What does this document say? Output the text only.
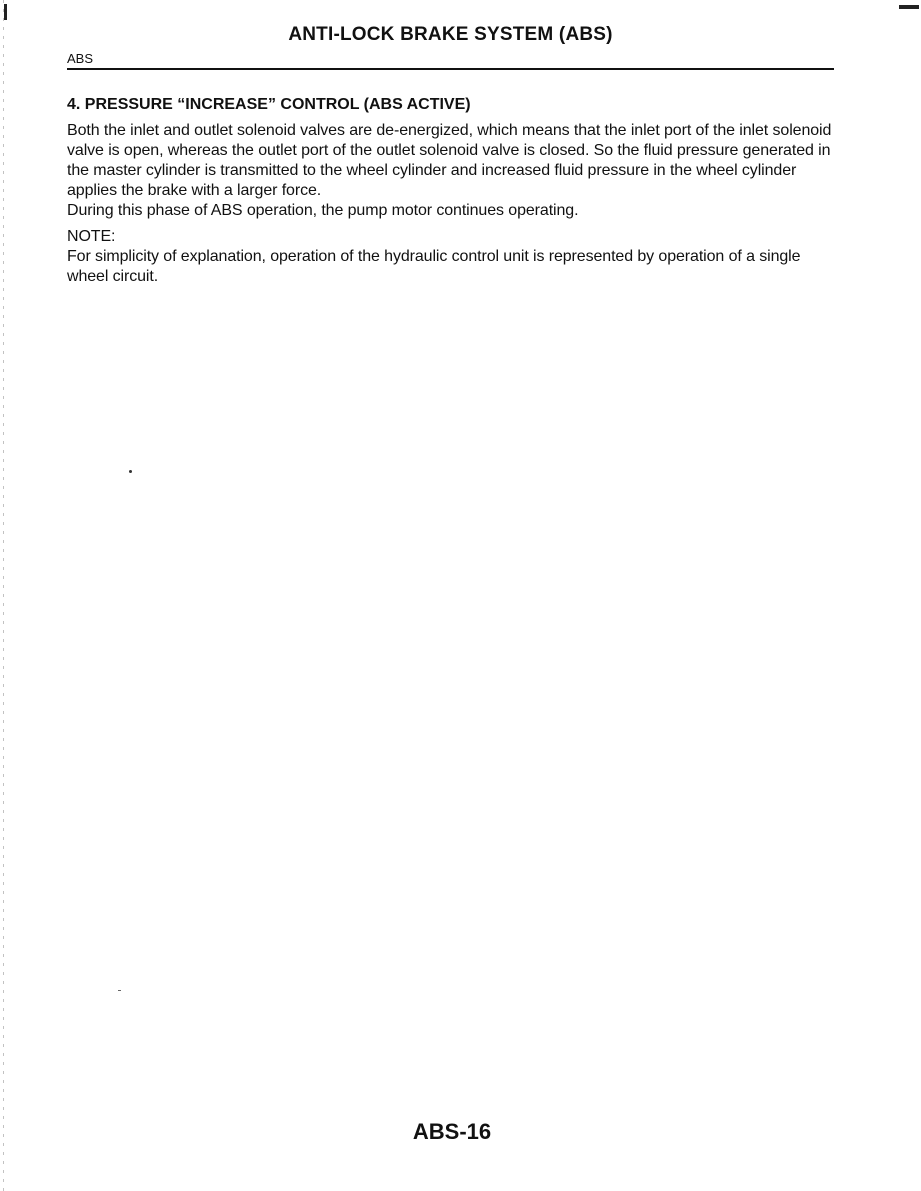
ANTI-LOCK BRAKE SYSTEM (ABS)
ABS
4. PRESSURE “INCREASE” CONTROL (ABS ACTIVE)

Both the inlet and outlet solenoid valves are de-energized, which means that the inlet port of the inlet solenoid valve is open, whereas the outlet port of the outlet solenoid valve is closed. So the fluid pressure generated in the master cylinder is transmitted to the wheel cylinder and increased fluid pressure in the wheel cylinder applies the brake with a larger force.

During this phase of ABS operation, the pump motor continues operating.

NOTE:

For simplicity of explanation, operation of the hydraulic control unit is represented by operation of a single wheel circuit.

ABS-16
